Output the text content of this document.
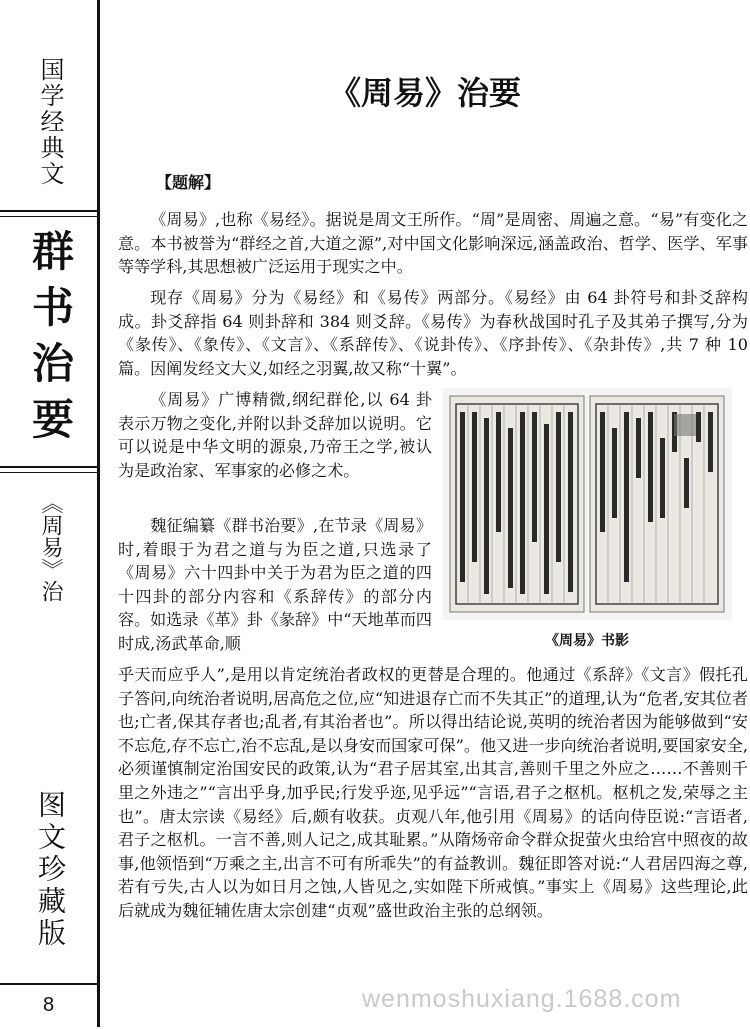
国学经典文
群书治要
《周易》治
图文珍藏版
8
《周易》治要
【题解】

《周易》,也称《易经》。据说是周文王所作。“周”是周密、周遍之意。“易”有变化之意。本书被誉为“群经之首,大道之源”,对中国文化影响深远,涵盖政治、哲学、医学、军事等等学科,其思想被广泛运用于现实之中。

现存《周易》分为《易经》和《易传》两部分。《易经》由 64 卦符号和卦爻辞构成。卦爻辞指 64 则卦辞和 384 则爻辞。《易传》为春秋战国时孔子及其弟子撰写,分为《彖传》、《象传》、《文言》、《系辞传》、《说卦传》、《序卦传》、《杂卦传》,共 7 种 10 篇。因阐发经文大义,如经之羽翼,故又称“十翼”。

《周易》广博精微,纲纪群伦,以 64 卦表示万物之变化,并附以卦爻辞加以说明。它可以说是中华文明的源泉,乃帝王之学,被认为是政治家、军事家的必修之术。

魏征编纂《群书治要》,在节录《周易》时,着眼于为君之道与为臣之道,只选录了《周易》六十四卦中关于为君为臣之道的四十四卦的部分内容和《系辞传》的部分内容。如选录《革》卦《彖辞》中“天地革而四时成,汤武革命,顺

乎天而应乎人”,是用以肯定统治者政权的更替是合理的。他通过《系辞》《文言》假托孔子答问,向统治者说明,居高危之位,应“知进退存亡而不失其正”的道理,认为“危者,安其位者也;亡者,保其存者也;乱者,有其治者也”。所以得出结论说,英明的统治者因为能够做到“安不忘危,存不忘亡,治不忘乱,是以身安而国家可保”。他又进一步向统治者说明,要国家安全,必须谨慎制定治国安民的政策,认为“君子居其室,出其言,善则千里之外应之……不善则千里之外违之”“言出乎身,加乎民;行发乎迩,见乎远”“言语,君子之枢机。枢机之发,荣辱之主也”。唐太宗读《易经》后,颇有收获。贞观八年,他引用《周易》的话向侍臣说:“言语者,君子之枢机。一言不善,则人记之,成其耻累。”从隋炀帝命令群众捉萤火虫给宫中照夜的故事,他领悟到“万乘之主,出言不可有所乖失”的有益教训。魏征即答对说:“人君居四海之尊,若有亏失,古人以为如日月之蚀,人皆见之,实如陛下所戒慎。”事实上《周易》这些理论,此后就成为魏征辅佐唐太宗创建“贞观”盛世政治主张的总纲领。

《周易》书影
wenmoshuxiang.1688.com
